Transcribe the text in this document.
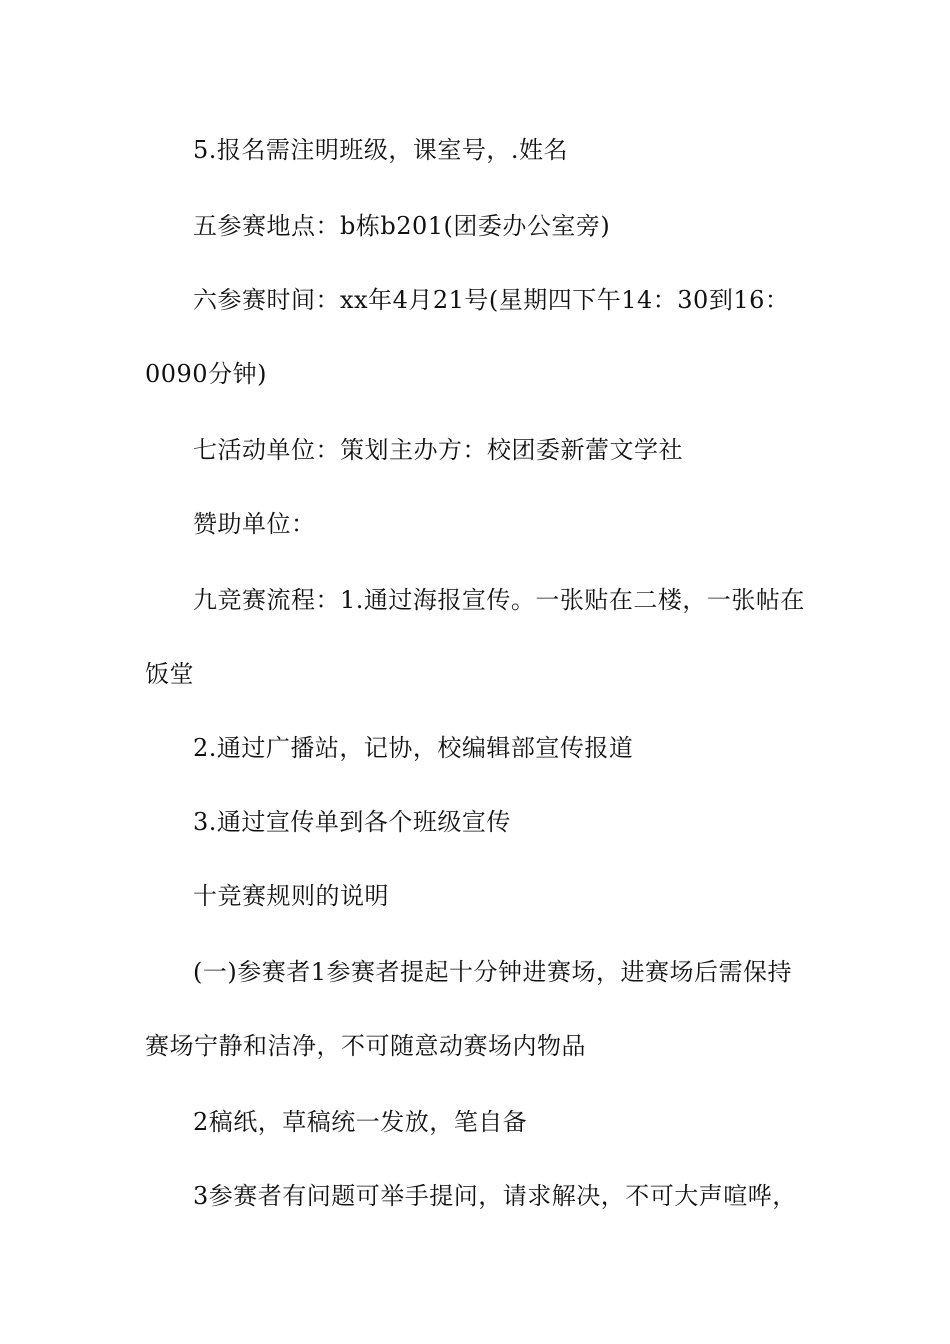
5.报名需注明班级，课室号，.姓名
五参赛地点：b栋b201(团委办公室旁)
六参赛时间：xx年4月21号(星期四下午14：30到16：
0090分钟)
七活动单位：策划主办方：校团委新蕾文学社
赞助单位：
九竞赛流程：1.通过海报宣传。一张贴在二楼，一张帖在
饭堂
2.通过广播站，记协，校编辑部宣传报道
3.通过宣传单到各个班级宣传
十竞赛规则的说明
(一)参赛者1参赛者提起十分钟进赛场，进赛场后需保持
赛场宁静和洁净，不可随意动赛场内物品
2稿纸，草稿统一发放，笔自备
3参赛者有问题可举手提问，请求解决，不可大声喧哗，
